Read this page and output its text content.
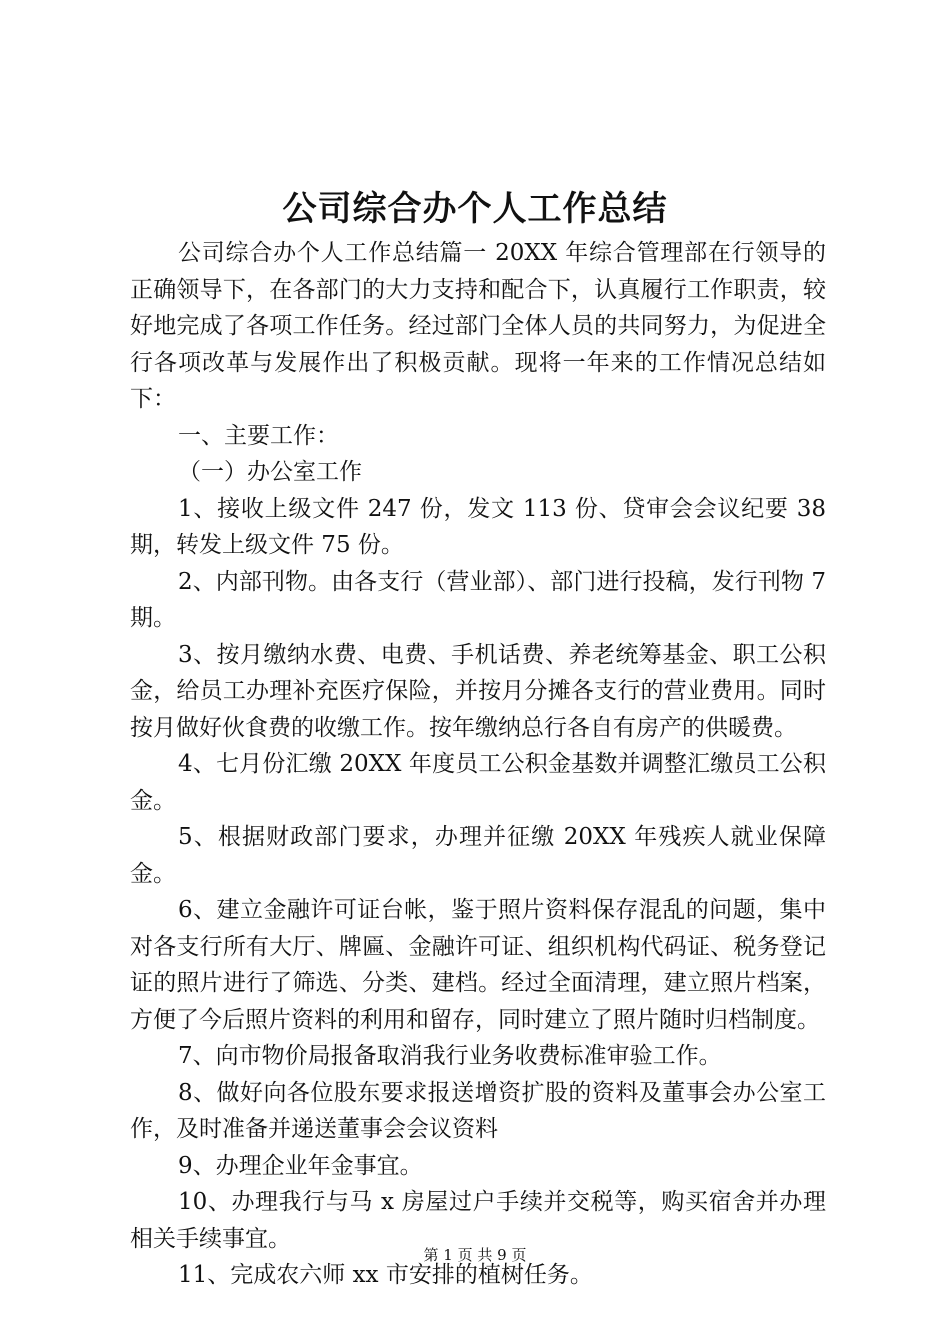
公司综合办个人工作总结

公司综合办个人工作总结篇一 20XX 年综合管理部在行领导的正确领导下，在各部门的大力支持和配合下，认真履行工作职责，较好地完成了各项工作任务。经过部门全体人员的共同努力，为促进全行各项改革与发展作出了积极贡献。现将一年来的工作情况总结如下：

一、主要工作：

（一）办公室工作

1、接收上级文件 247 份，发文 113 份、贷审会会议纪要 38 期，转发上级文件 75 份。

2、内部刊物。由各支行（营业部）、部门进行投稿，发行刊物 7 期。

3、按月缴纳水费、电费、手机话费、养老统筹基金、职工公积金，给员工办理补充医疗保险，并按月分摊各支行的营业费用。同时按月做好伙食费的收缴工作。按年缴纳总行各自有房产的供暖费。

4、七月份汇缴 20XX 年度员工公积金基数并调整汇缴员工公积金。

5、根据财政部门要求，办理并征缴 20XX 年残疾人就业保障金。

6、建立金融许可证台帐，鉴于照片资料保存混乱的问题，集中对各支行所有大厅、牌匾、金融许可证、组织机构代码证、税务登记证的照片进行了筛选、分类、建档。经过全面清理，建立照片档案，方便了今后照片资料的利用和留存，同时建立了照片随时归档制度。

7、向市物价局报备取消我行业务收费标准审验工作。

8、做好向各位股东要求报送增资扩股的资料及董事会办公室工作，及时准备并递送董事会会议资料

9、办理企业年金事宜。

10、办理我行与马 x 房屋过户手续并交税等，购买宿舍并办理相关手续事宜。

11、完成农六师 xx 市安排的植树任务。

第 1 页 共 9 页
